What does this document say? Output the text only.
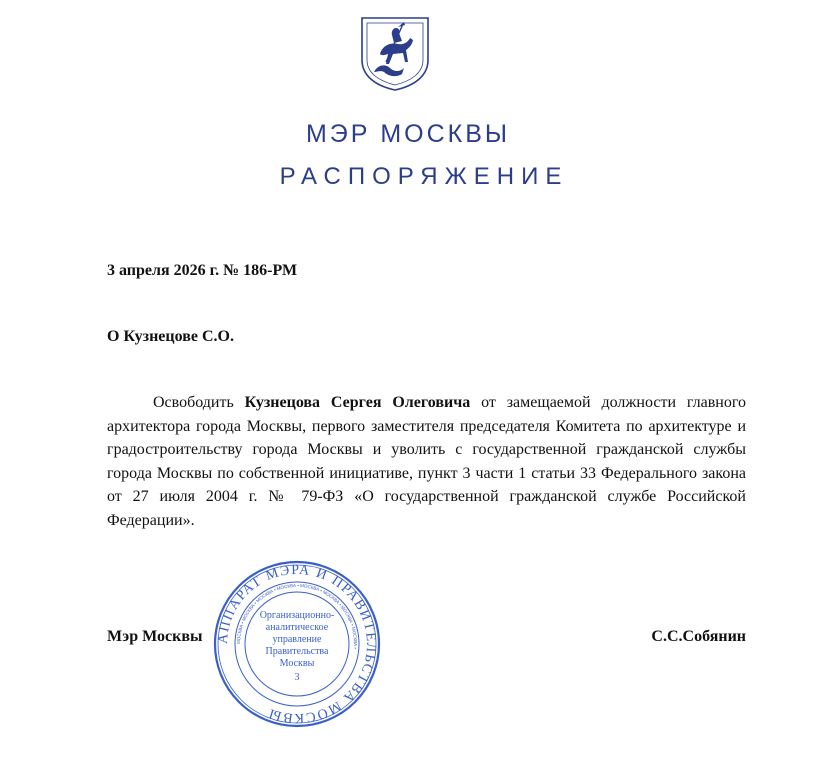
МЭР МОСКВЫ
РАСПОРЯЖЕНИЕ
3 апреля 2026 г. № 186-РМ
О Кузнецове С.О.

Освободить Кузнецова Сергея Олеговича от замещаемой должности главного архитектора города Москвы, первого заместителя председателя Комитета по архитектуре и градостроительству города Москвы и уволить с государственной гражданской службы города Москвы по собственной инициативе, пункт 3 части 1 статьи 33 Федерального закона от 27 июля 2004 г. № 79-ФЗ «О государственной гражданской службе Российской Федерации».

Мэр Москвы	С.С.Собянин
АППАРАТ МЭРА И ПРАВИТЕЛЬСТВА МОСКВЫ
МОСКВА • МОСКВА • МОСКВА • МОСКВА • МОСКВА • МОСКВА • МОСКВА • МОСКВА •
Организационно-
аналитическое
управление
Правительства
Москвы
3
